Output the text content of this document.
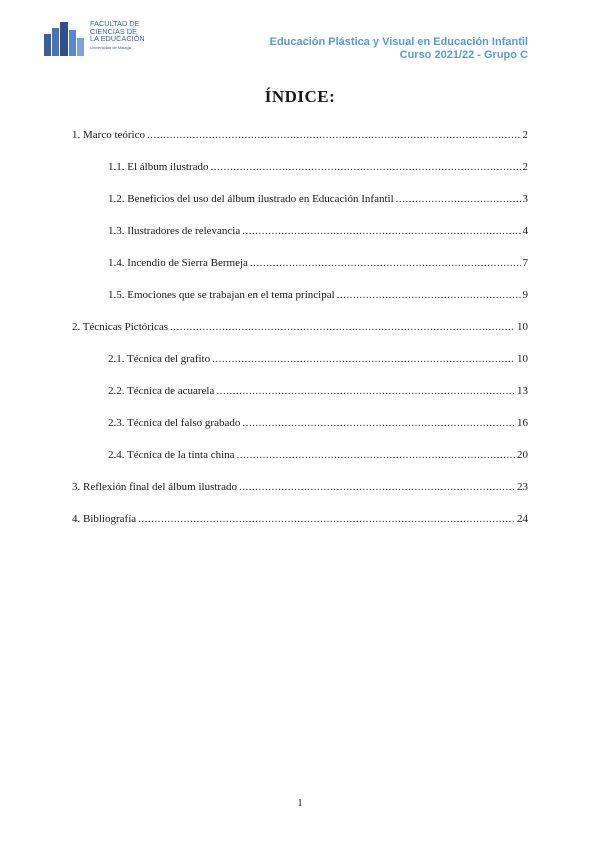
FACULTAD DE
CIENCIAS DE
LA EDUCACIÓN
Universidad de Málaga	Educación Plástica y Visual en Educación Infantil
Curso 2021/22 - Grupo C
ÍNDICE:
1. Marco teórico .....	2
1.1. El álbum ilustrado .....	2
1.2. Beneficios del uso del álbum ilustrado en Educación Infantil .....	3
1.3. Ilustradores de relevancia .....	4
1.4. Incendio de Sierra Bermeja .....	7
1.5. Emociones que se trabajan en el tema principal .....	9
2. Técnicas Pictóricas .....	10
2.1. Técnica del grafito .....	10
2.2. Técnica de acuarela .....	13
2.3. Técnica del falso grabado .....	16
2.4. Técnica de la tinta china .....	20
3. Reflexión final del álbum ilustrado .....	23
4. Bibliografía .....	24
1
